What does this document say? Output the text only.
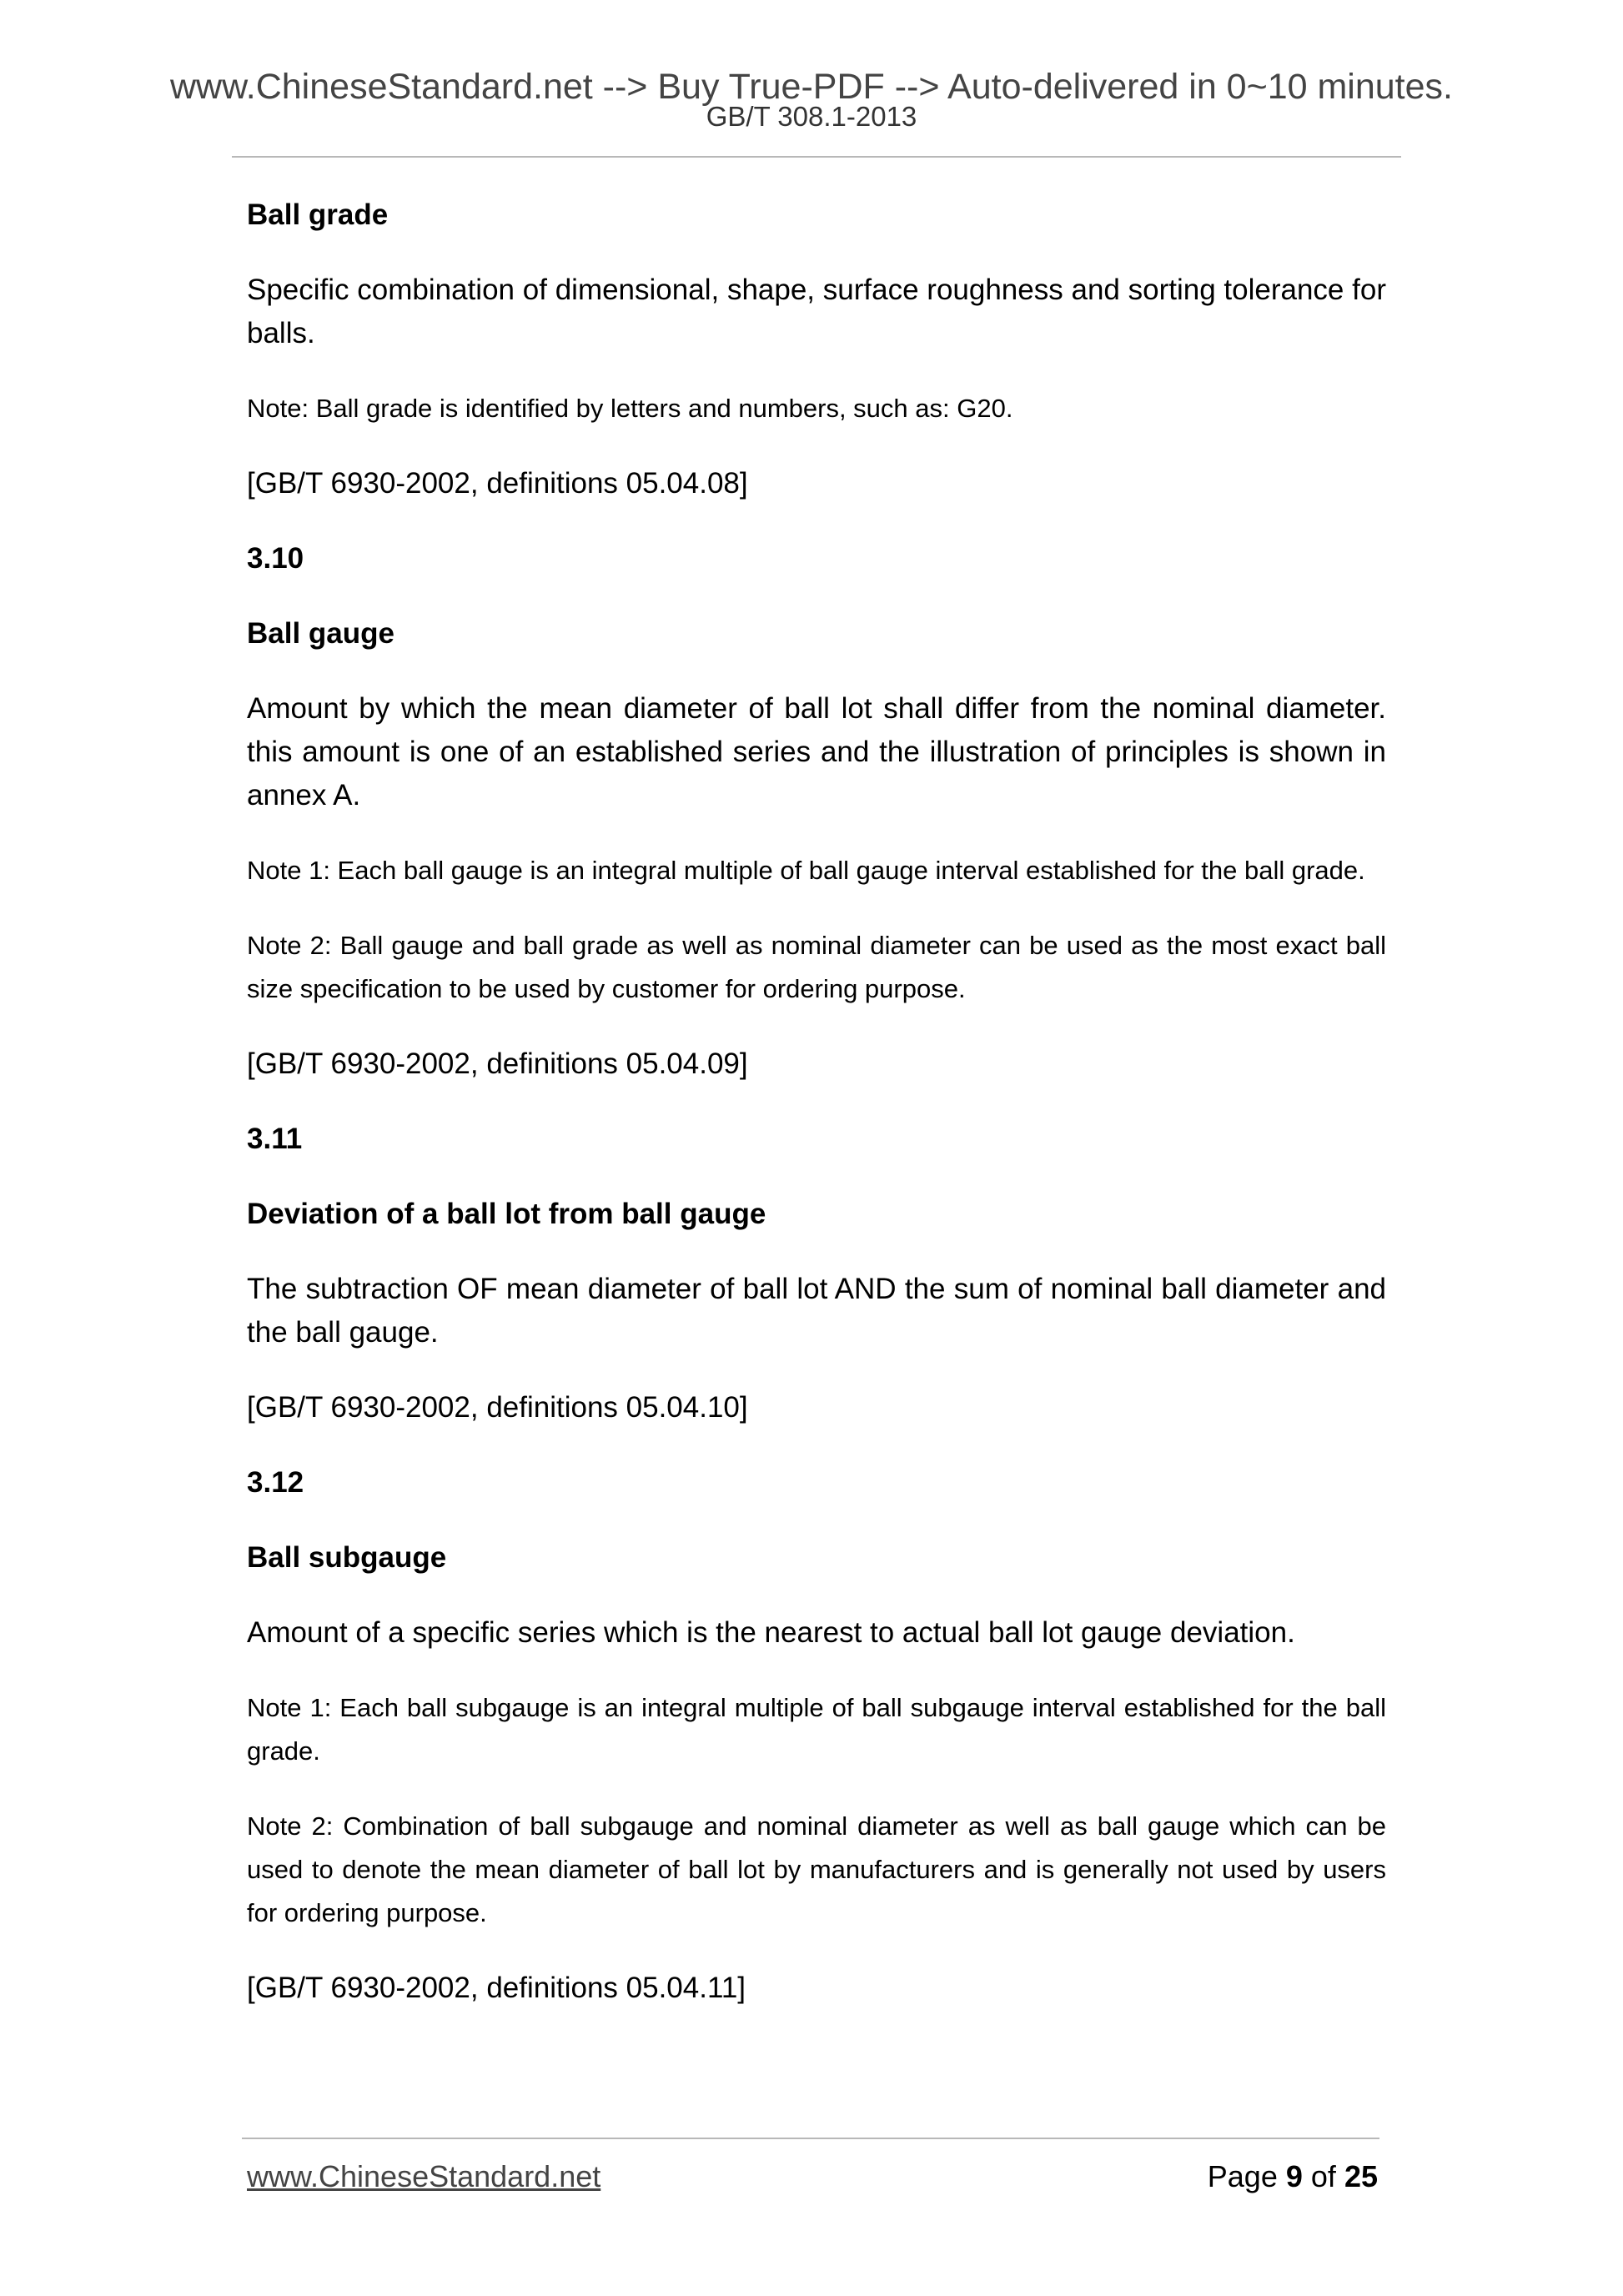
www.ChineseStandard.net --> Buy True-PDF --> Auto-delivered in 0~10 minutes.
GB/T 308.1-2013

Ball grade

Specific combination of dimensional, shape, surface roughness and sorting tolerance for balls.

Note: Ball grade is identified by letters and numbers, such as: G20.

[GB/T 6930-2002, definitions 05.04.08]

3.10

Ball gauge

Amount by which the mean diameter of ball lot shall differ from the nominal diameter. this amount is one of an established series and the illustration of principles is shown in annex A.

Note 1: Each ball gauge is an integral multiple of ball gauge interval established for the ball grade.

Note 2: Ball gauge and ball grade as well as nominal diameter can be used as the most exact ball size specification to be used by customer for ordering purpose.

[GB/T 6930-2002, definitions 05.04.09]

3.11

Deviation of a ball lot from ball gauge

The subtraction OF mean diameter of ball lot AND the sum of nominal ball diameter and the ball gauge.

[GB/T 6930-2002, definitions 05.04.10]

3.12

Ball subgauge

Amount of a specific series which is the nearest to actual ball lot gauge deviation.

Note 1: Each ball subgauge is an integral multiple of ball subgauge interval established for the ball grade.

Note 2: Combination of ball subgauge and nominal diameter as well as ball gauge which can be used to denote the mean diameter of ball lot by manufacturers and is generally not used by users for ordering purpose.

[GB/T 6930-2002, definitions 05.04.11]

www.ChineseStandard.net	Page 9 of 25
